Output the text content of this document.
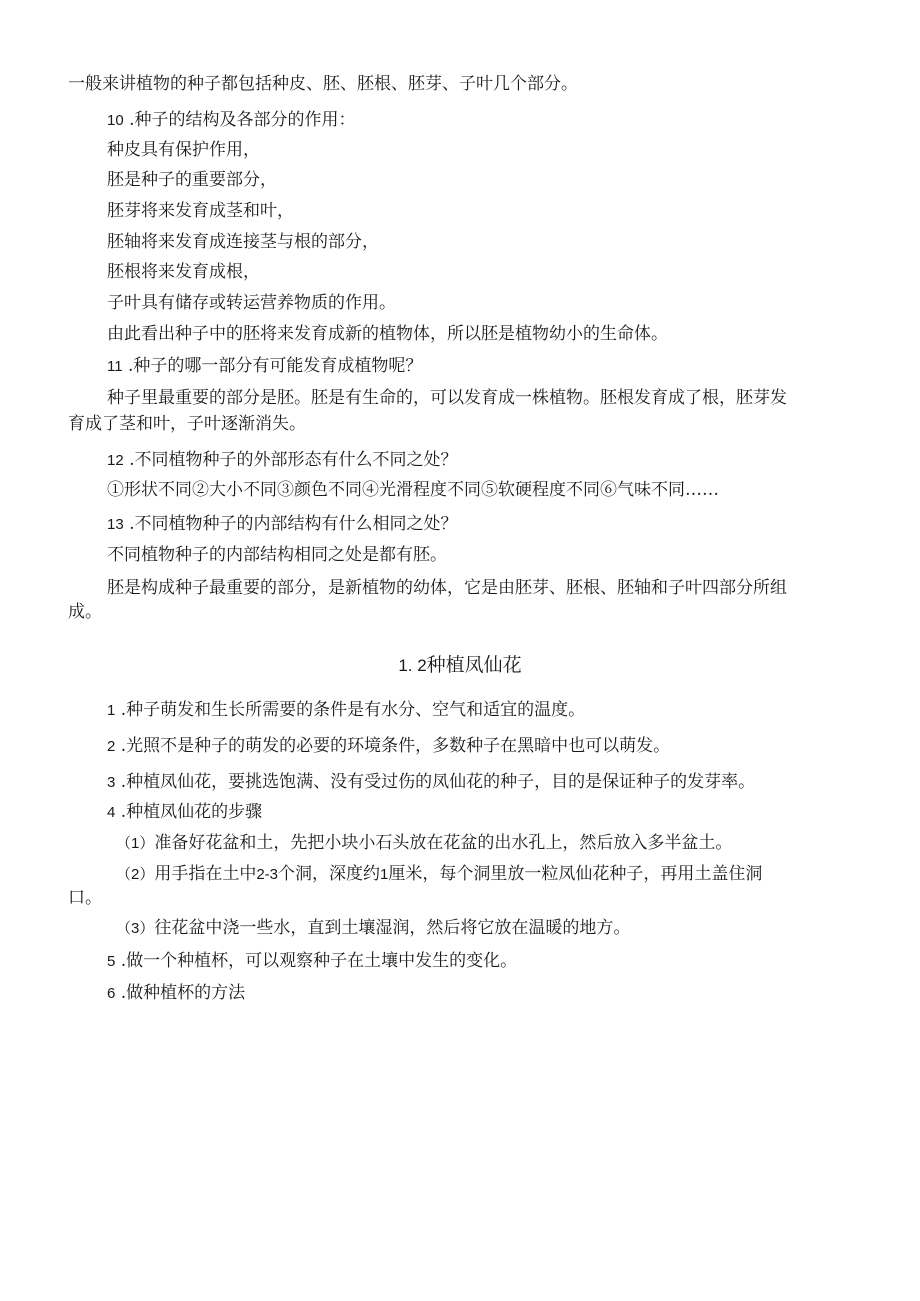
一般来讲植物的种子都包括种皮、胚、胚根、胚芽、子叶几个部分。
10 .种子的结构及各部分的作用：
种皮具有保护作用，
胚是种子的重要部分，
胚芽将来发育成茎和叶，
胚轴将来发育成连接茎与根的部分，
胚根将来发育成根，
子叶具有储存或转运营养物质的作用。
由此看出种子中的胚将来发育成新的植物体，所以胚是植物幼小的生命体。
11 .种子的哪一部分有可能发育成植物呢？
种子里最重要的部分是胚。胚是有生命的，可以发育成一株植物。胚根发育成了根，胚芽发
育成了茎和叶，子叶逐渐消失。
12 .不同植物种子的外部形态有什么不同之处？
①形状不同②大小不同③颜色不同④光滑程度不同⑤软硬程度不同⑥气味不同……
13 .不同植物种子的内部结构有什么相同之处？
不同植物种子的内部结构相同之处是都有胚。
胚是构成种子最重要的部分，是新植物的幼体，它是由胚芽、胚根、胚轴和子叶四部分所组
成。
1. 2种植凤仙花
1 .种子萌发和生长所需要的条件是有水分、空气和适宜的温度。
2 .光照不是种子的萌发的必要的环境条件，多数种子在黑暗中也可以萌发。
3 .种植凤仙花，要挑选饱满、没有受过伤的凤仙花的种子，目的是保证种子的发芽率。
4 .种植凤仙花的步骤
（1）准备好花盆和土，先把小块小石头放在花盆的出水孔上，然后放入多半盆土。
（2）用手指在土中2-3个洞，深度约1厘米，每个洞里放一粒凤仙花种子，再用土盖住洞
口。
（3）往花盆中浇一些水，直到土壤湿润，然后将它放在温暖的地方。
5 .做一个种植杯，可以观察种子在土壤中发生的变化。
6 .做种植杯的方法
